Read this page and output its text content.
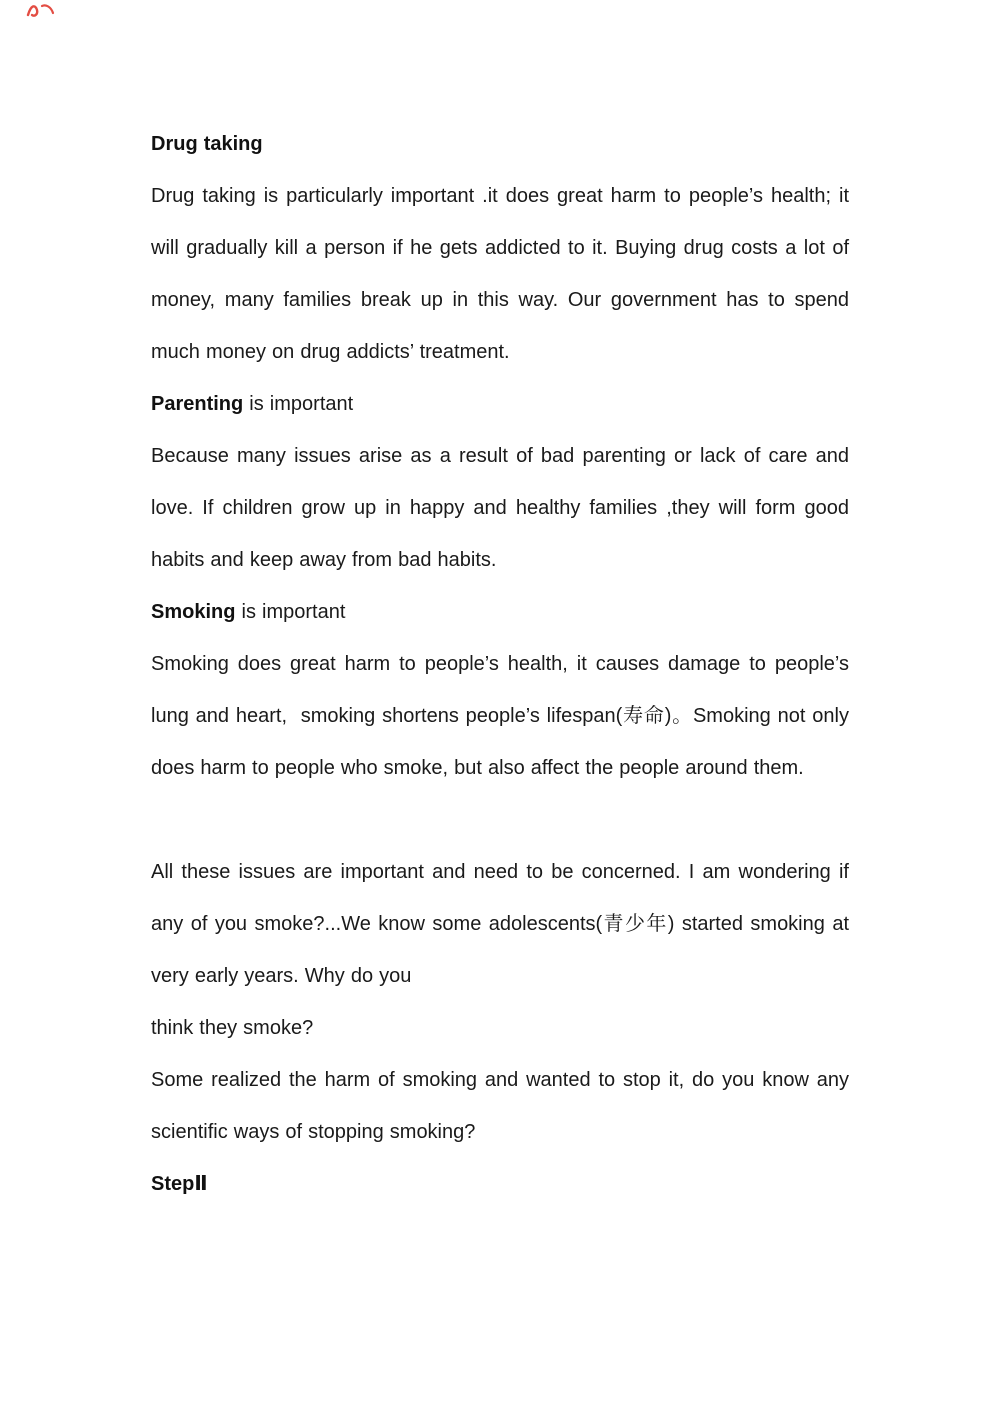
Drug taking

Drug taking is particularly important .it does great harm to people’s health; it will gradually kill a person if he gets addicted to it. Buying drug costs a lot of money, many families break up in this way. Our government has to spend much money on drug addicts’ treatment.

Parenting is important

Because many issues arise as a result of bad parenting or lack of care and love. If children grow up in happy and healthy families ,they will form good habits and keep away from bad habits.

Smoking is important

Smoking does great harm to people’s health, it causes damage to people’s lung and heart,  smoking shortens people’s lifespan(寿命)。Smoking not only does harm to people who smoke, but also affect the people around them.

All these issues are important and need to be concerned. I am wondering if any of you smoke?...We know some adolescents(青少年) started smoking at very early years. Why do you

think they smoke?

Some realized the harm of smoking and wanted to stop it, do you know any scientific ways of stopping smoking?

StepⅡ
